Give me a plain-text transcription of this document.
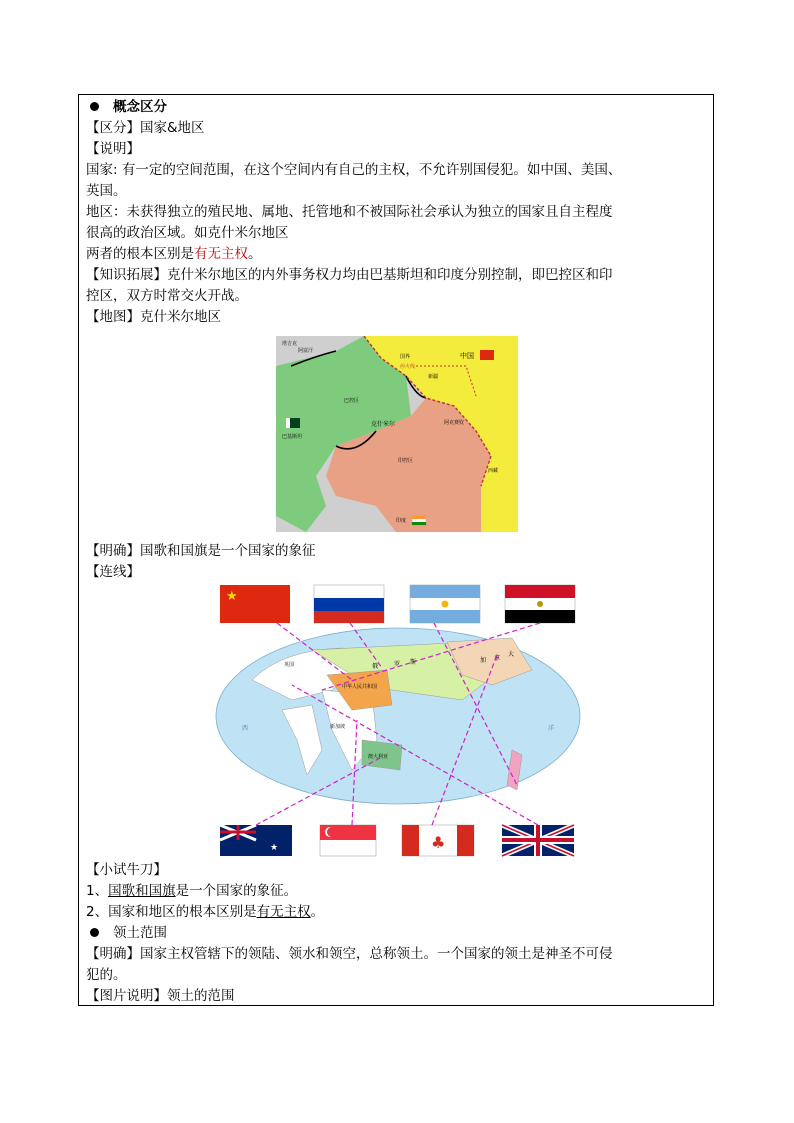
概念区分
【区分】国家&地区
【说明】
国家: 有一定的空间范围，在这个空间内有自己的主权，不允许别国侵犯。如中国、美国、
英国。
地区：未获得独立的殖民地、属地、托管地和不被国际社会承认为独立的国家且自主程度
很高的政治区域。如克什米尔地区
两者的根本区别是有无主权。
【知识拓展】克什米尔地区的内外事务权力均由巴基斯坦和印度分别控制，即巴控区和印
控区，双方时常交火开战。
【地图】克什米尔地区
塔吉克
阿富汗
中国
新疆
西藏
阿克赛钦
巴基斯坦
印度
克什米尔
巴控区
印控区
国界
停火线
【明确】国歌和国旗是一个国家的象征
【连线】
★
★	♣
俄	罗 斯	加 拿
大
中华人民共和国
澳大利亚
新加坡
英国
西	洋
【小试牛刀】
1、国歌和国旗是一个国家的象征。
2、国家和地区的根本区别是有无主权。
领土范围
【明确】国家主权管辖下的领陆、领水和领空，总称领土。一个国家的领土是神圣不可侵
犯的。
【图片说明】领土的范围
